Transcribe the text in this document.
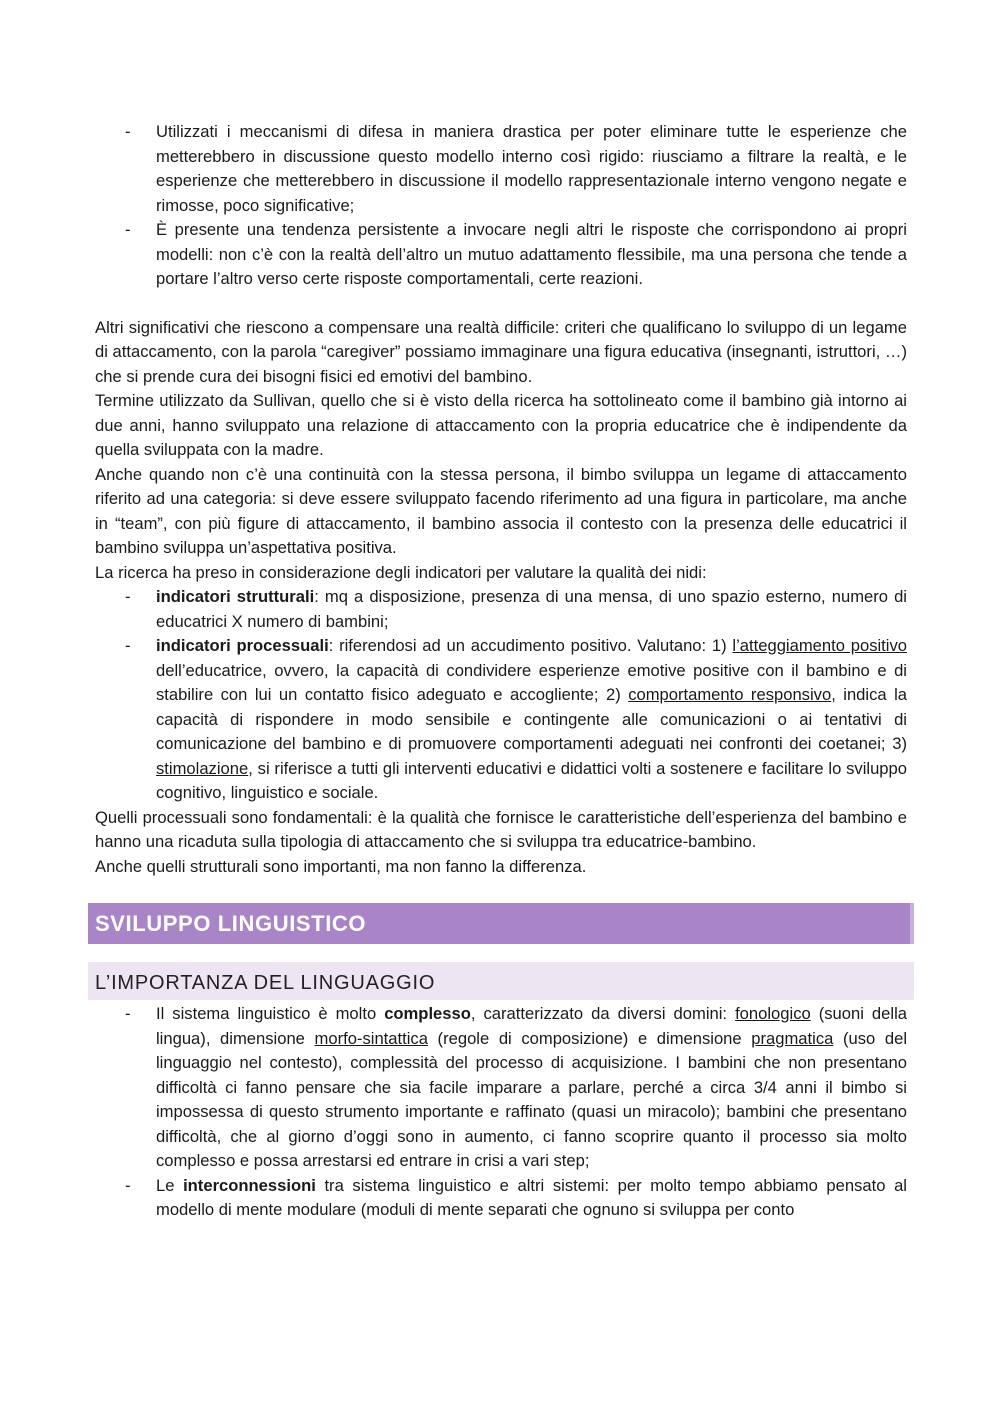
- Utilizzati i meccanismi di difesa in maniera drastica per poter eliminare tutte le esperienze che metterebbero in discussione questo modello interno così rigido: riusciamo a filtrare la realtà, e le esperienze che metterebbero in discussione il modello rappresentazionale interno vengono negate e rimosse, poco significative;
- È presente una tendenza persistente a invocare negli altri le risposte che corrispondono ai propri modelli: non c’è con la realtà dell’altro un mutuo adattamento flessibile, ma una persona che tende a portare l’altro verso certe risposte comportamentali, certe reazioni.

Altri significativi che riescono a compensare una realtà difficile: criteri che qualificano lo sviluppo di un legame di attaccamento, con la parola “caregiver” possiamo immaginare una figura educativa (insegnanti, istruttori, …) che si prende cura dei bisogni fisici ed emotivi del bambino.

Termine utilizzato da Sullivan, quello che si è visto della ricerca ha sottolineato come il bambino già intorno ai due anni, hanno sviluppato una relazione di attaccamento con la propria educatrice che è indipendente da quella sviluppata con la madre.

Anche quando non c’è una continuità con la stessa persona, il bimbo sviluppa un legame di attaccamento riferito ad una categoria: si deve essere sviluppato facendo riferimento ad una figura in particolare, ma anche in “team”, con più figure di attaccamento, il bambino associa il contesto con la presenza delle educatrici il bambino sviluppa un’aspettativa positiva.

La ricerca ha preso in considerazione degli indicatori per valutare la qualità dei nidi:

- indicatori strutturali: mq a disposizione, presenza di una mensa, di uno spazio esterno, numero di educatrici X numero di bambini;
- indicatori processuali: riferendosi ad un accudimento positivo. Valutano: 1) l’atteggiamento positivo dell’educatrice, ovvero, la capacità di condividere esperienze emotive positive con il bambino e di stabilire con lui un contatto fisico adeguato e accogliente; 2) comportamento responsivo, indica la capacità di rispondere in modo sensibile e contingente alle comunicazioni o ai tentativi di comunicazione del bambino e di promuovere comportamenti adeguati nei confronti dei coetanei; 3) stimolazione, si riferisce a tutti gli interventi educativi e didattici volti a sostenere e facilitare lo sviluppo cognitivo, linguistico e sociale.

Quelli processuali sono fondamentali: è la qualità che fornisce le caratteristiche dell’esperienza del bambino e hanno una ricaduta sulla tipologia di attaccamento che si sviluppa tra educatrice-bambino.

Anche quelli strutturali sono importanti, ma non fanno la differenza.

SVILUPPO LINGUISTICO
L’IMPORTANZA DEL LINGUAGGIO
- Il sistema linguistico è molto complesso, caratterizzato da diversi domini: fonologico (suoni della lingua), dimensione morfo-sintattica (regole di composizione) e dimensione pragmatica (uso del linguaggio nel contesto), complessità del processo di acquisizione. I bambini che non presentano difficoltà ci fanno pensare che sia facile imparare a parlare, perché a circa 3/4 anni il bimbo si impossessa di questo strumento importante e raffinato (quasi un miracolo); bambini che presentano difficoltà, che al giorno d’oggi sono in aumento, ci fanno scoprire quanto il processo sia molto complesso e possa arrestarsi ed entrare in crisi a vari step;
- Le interconnessioni tra sistema linguistico e altri sistemi: per molto tempo abbiamo pensato al modello di mente modulare (moduli di mente separati che ognuno si sviluppa per conto
